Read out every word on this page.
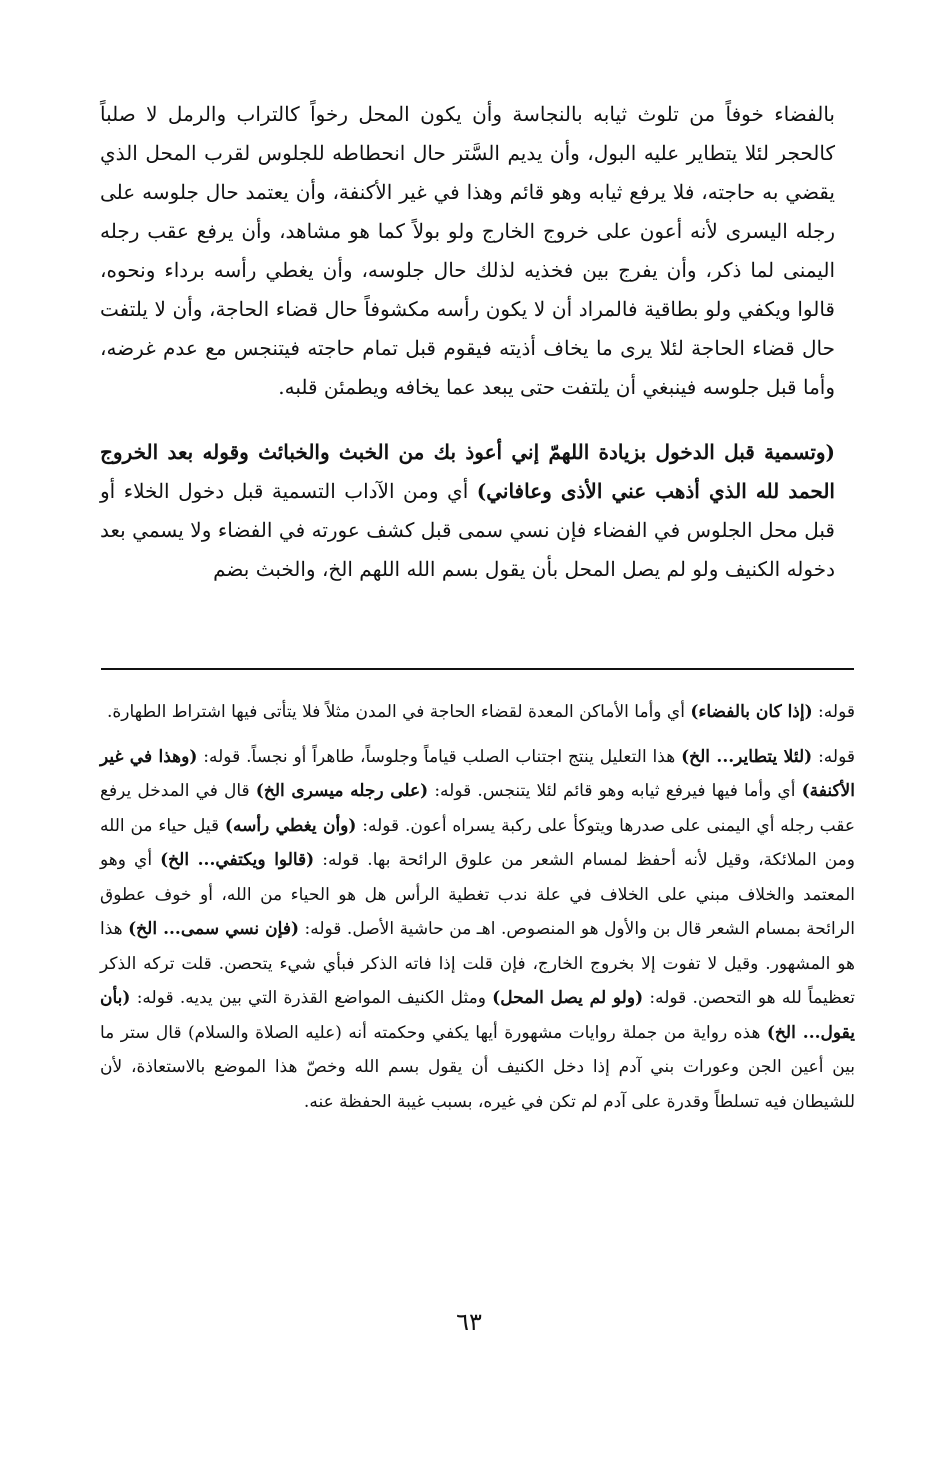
بالفضاء خوفاً من تلوث ثيابه بالنجاسة وأن يكون المحل رخواً كالتراب والرمل لا صلباً كالحجر لئلا يتطاير عليه البول، وأن يديم السَّتر حال انحطاطه للجلوس لقرب المحل الذي يقضي به حاجته، فلا يرفع ثيابه وهو قائم وهذا في غير الأكنفة، وأن يعتمد حال جلوسه على رجله اليسرى لأنه أعون على خروج الخارج ولو بولاً كما هو مشاهد، وأن يرفع عقب رجله اليمنى لما ذكر، وأن يفرج بين فخذيه لذلك حال جلوسه، وأن يغطي رأسه برداء ونحوه، قالوا ويكفي ولو بطاقية فالمراد أن لا يكون رأسه مكشوفاً حال قضاء الحاجة، وأن لا يلتفت حال قضاء الحاجة لئلا يرى ما يخاف أذيته فيقوم قبل تمام حاجته فيتنجس مع عدم غرضه، وأما قبل جلوسه فينبغي أن يلتفت حتى يبعد عما يخافه ويطمئن قلبه.

(وتسمية قبل الدخول بزيادة اللهمّ إني أعوذ بك من الخبث والخبائث وقوله بعد الخروج الحمد لله الذي أذهب عني الأذى وعافاني) أي ومن الآداب التسمية قبل دخول الخلاء أو قبل محل الجلوس في الفضاء فإن نسي سمى قبل كشف عورته في الفضاء ولا يسمي بعد دخوله الكنيف ولو لم يصل المحل بأن يقول بسم الله اللهم الخ، والخبث بضم

قوله: (إذا كان بالفضاء) أي وأما الأماكن المعدة لقضاء الحاجة في المدن مثلاً فلا يتأتى فيها اشتراط الطهارة.

قوله: (لئلا يتطاير... الخ) هذا التعليل ينتج اجتناب الصلب قياماً وجلوساً، طاهراً أو نجساً. قوله: (وهذا في غير الأكنفة) أي وأما فيها فيرفع ثيابه وهو قائم لئلا يتنجس. قوله: (على رجله ميسرى الخ) قال في المدخل يرفع عقب رجله أي اليمنى على صدرها ويتوكأ على ركبة يسراه أعون. قوله: (وأن يغطي رأسه) قيل حياء من الله ومن الملائكة، وقيل لأنه أحفظ لمسام الشعر من علوق الرائحة بها. قوله: (قالوا ويكتفي... الخ) أي وهو المعتمد والخلاف مبني على الخلاف في علة ندب تغطية الرأس هل هو الحياء من الله، أو خوف عطوق الرائحة بمسام الشعر قال بن والأول هو المنصوص. اهـ من حاشية الأصل. قوله: (فإن نسي سمى... الخ) هذا هو المشهور. وقيل لا تفوت إلا بخروج الخارج، فإن قلت إذا فاته الذكر فبأي شيء يتحصن. قلت تركه الذكر تعظيماً لله هو التحصن. قوله: (ولو لم يصل المحل) ومثل الكنيف المواضع القذرة التي بين يديه. قوله: (بأن يقول... الخ) هذه رواية من جملة روايات مشهورة أيها يكفي وحكمته أنه (عليه الصلاة والسلام) قال ستر ما بين أعين الجن وعورات بني آدم إذا دخل الكنيف أن يقول بسم الله وخصّ هذا الموضع بالاستعاذة، لأن للشيطان فيه تسلطاً وقدرة على آدم لم تكن في غيره، بسبب غيبة الحفظة عنه.

٦٣
